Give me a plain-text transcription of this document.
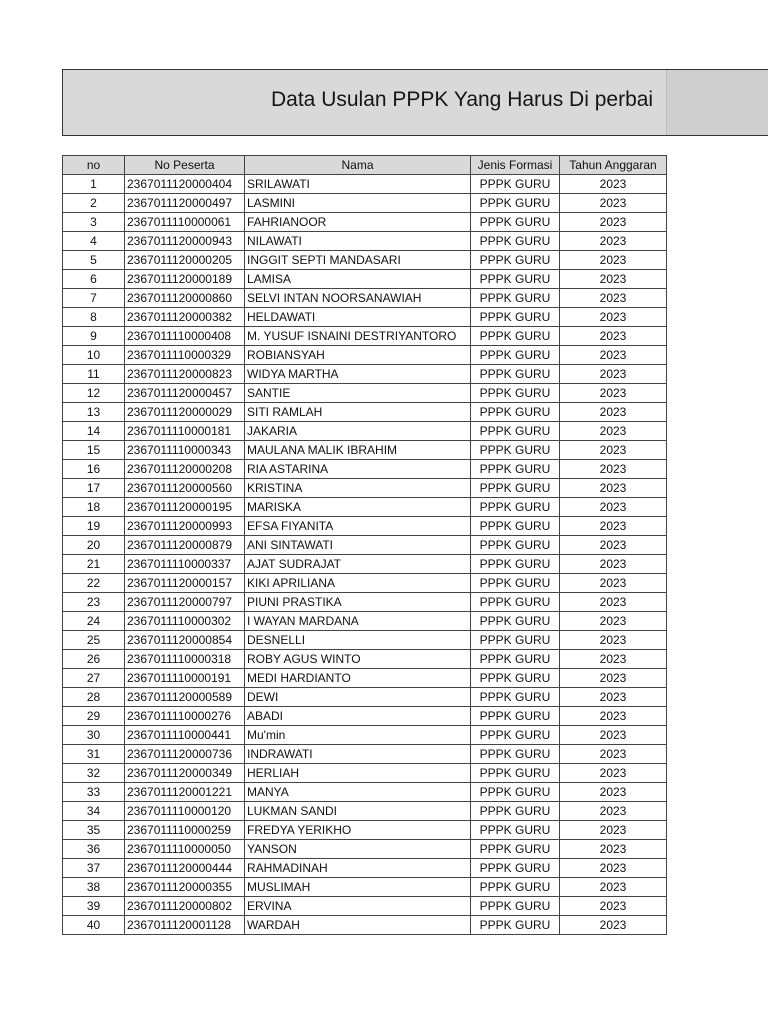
Data Usulan PPPK Yang Harus Di perbai
no	No Peserta	Nama	Jenis Formasi	Tahun Anggaran
1	2367011120000404	SRILAWATI	PPPK GURU	2023
2	2367011120000497	LASMINI	PPPK GURU	2023
3	2367011110000061	FAHRIANOOR	PPPK GURU	2023
4	2367011120000943	NILAWATI	PPPK GURU	2023
5	2367011120000205	INGGIT SEPTI MANDASARI	PPPK GURU	2023
6	2367011120000189	LAMISA	PPPK GURU	2023
7	2367011120000860	SELVI INTAN NOORSANAWIAH	PPPK GURU	2023
8	2367011120000382	HELDAWATI	PPPK GURU	2023
9	2367011110000408	M. YUSUF ISNAINI DESTRIYANTORO	PPPK GURU	2023
10	2367011110000329	ROBIANSYAH	PPPK GURU	2023
11	2367011120000823	WIDYA MARTHA	PPPK GURU	2023
12	2367011120000457	SANTIE	PPPK GURU	2023
13	2367011120000029	SITI RAMLAH	PPPK GURU	2023
14	2367011110000181	JAKARIA	PPPK GURU	2023
15	2367011110000343	MAULANA MALIK IBRAHIM	PPPK GURU	2023
16	2367011120000208	RIA ASTARINA	PPPK GURU	2023
17	2367011120000560	KRISTINA	PPPK GURU	2023
18	2367011120000195	MARISKA	PPPK GURU	2023
19	2367011120000993	EFSA FIYANITA	PPPK GURU	2023
20	2367011120000879	ANI SINTAWATI	PPPK GURU	2023
21	2367011110000337	AJAT SUDRAJAT	PPPK GURU	2023
22	2367011120000157	KIKI APRILIANA	PPPK GURU	2023
23	2367011120000797	PIUNI PRASTIKA	PPPK GURU	2023
24	2367011110000302	I WAYAN MARDANA	PPPK GURU	2023
25	2367011120000854	DESNELLI	PPPK GURU	2023
26	2367011110000318	ROBY AGUS WINTO	PPPK GURU	2023
27	2367011110000191	MEDI HARDIANTO	PPPK GURU	2023
28	2367011120000589	DEWI	PPPK GURU	2023
29	2367011110000276	ABADI	PPPK GURU	2023
30	2367011110000441	Mu'min	PPPK GURU	2023
31	2367011120000736	INDRAWATI	PPPK GURU	2023
32	2367011120000349	HERLIAH	PPPK GURU	2023
33	2367011120001221	MANYA	PPPK GURU	2023
34	2367011110000120	LUKMAN SANDI	PPPK GURU	2023
35	2367011110000259	FREDYA YERIKHO	PPPK GURU	2023
36	2367011110000050	YANSON	PPPK GURU	2023
37	2367011120000444	RAHMADINAH	PPPK GURU	2023
38	2367011120000355	MUSLIMAH	PPPK GURU	2023
39	2367011120000802	ERVINA	PPPK GURU	2023
40	2367011120001128	WARDAH	PPPK GURU	2023
